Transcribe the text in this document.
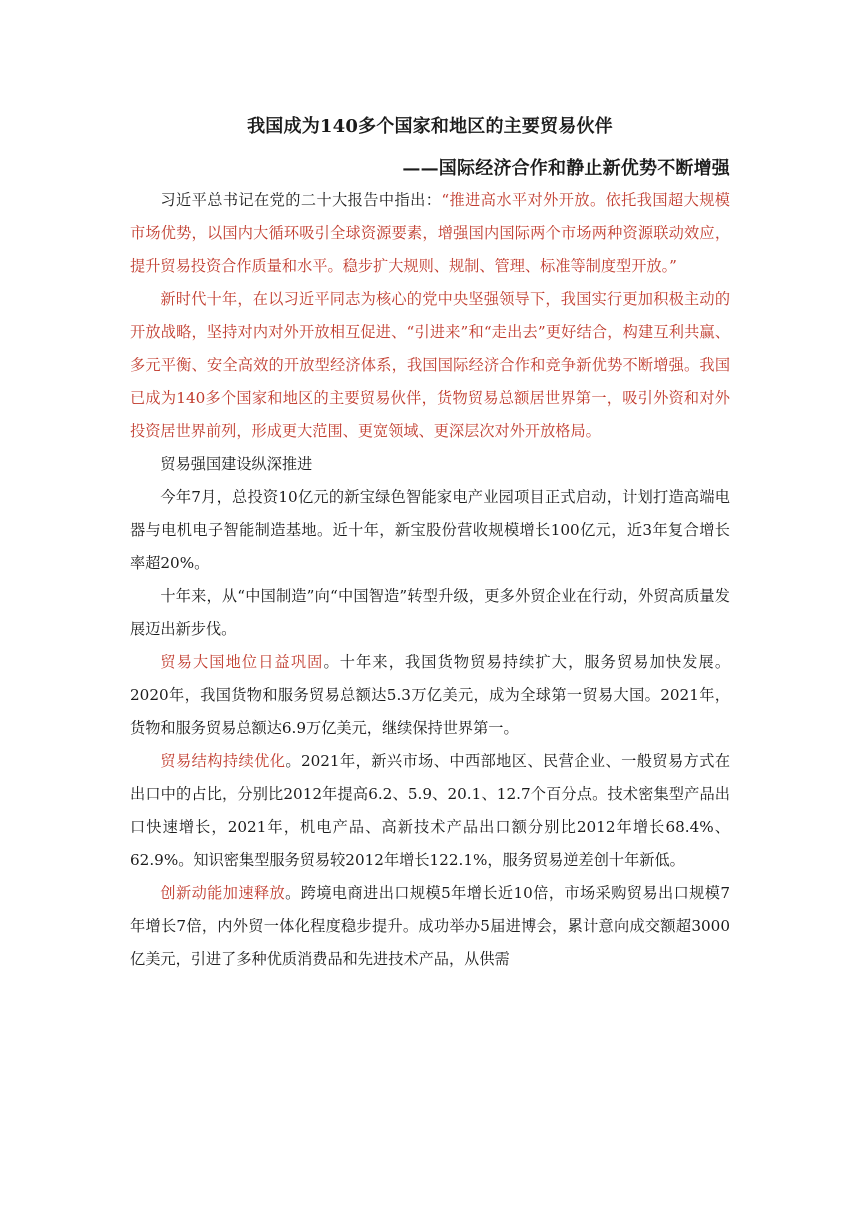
我国成为140多个国家和地区的主要贸易伙伴
——国际经济合作和静止新优势不断增强

习近平总书记在党的二十大报告中指出：“推进高水平对外开放。依托我国超大规模市场优势，以国内大循环吸引全球资源要素，增强国内国际两个市场两种资源联动效应，提升贸易投资合作质量和水平。稳步扩大规则、规制、管理、标准等制度型开放。”

新时代十年，在以习近平同志为核心的党中央坚强领导下，我国实行更加积极主动的开放战略，坚持对内对外开放相互促进、“引进来”和“走出去”更好结合，构建互利共赢、多元平衡、安全高效的开放型经济体系，我国国际经济合作和竞争新优势不断增强。我国已成为140多个国家和地区的主要贸易伙伴，货物贸易总额居世界第一，吸引外资和对外投资居世界前列，形成更大范围、更宽领域、更深层次对外开放格局。

贸易强国建设纵深推进

今年7月，总投资10亿元的新宝绿色智能家电产业园项目正式启动，计划打造高端电器与电机电子智能制造基地。近十年，新宝股份营收规模增长100亿元，近3年复合增长率超20%。

十年来，从“中国制造”向“中国智造”转型升级，更多外贸企业在行动，外贸高质量发展迈出新步伐。

贸易大国地位日益巩固。十年来，我国货物贸易持续扩大，服务贸易加快发展。2020年，我国货物和服务贸易总额达5.3万亿美元，成为全球第一贸易大国。2021年，货物和服务贸易总额达6.9万亿美元，继续保持世界第一。

贸易结构持续优化。2021年，新兴市场、中西部地区、民营企业、一般贸易方式在出口中的占比，分别比2012年提高6.2、5.9、20.1、12.7个百分点。技术密集型产品出口快速增长，2021年，机电产品、高新技术产品出口额分别比2012年增长68.4%、62.9%。知识密集型服务贸易较2012年增长122.1%，服务贸易逆差创十年新低。

创新动能加速释放。跨境电商进出口规模5年增长近10倍，市场采购贸易出口规模7年增长7倍，内外贸一体化程度稳步提升。成功举办5届进博会，累计意向成交额超3000亿美元，引进了多种优质消费品和先进技术产品，从供需
